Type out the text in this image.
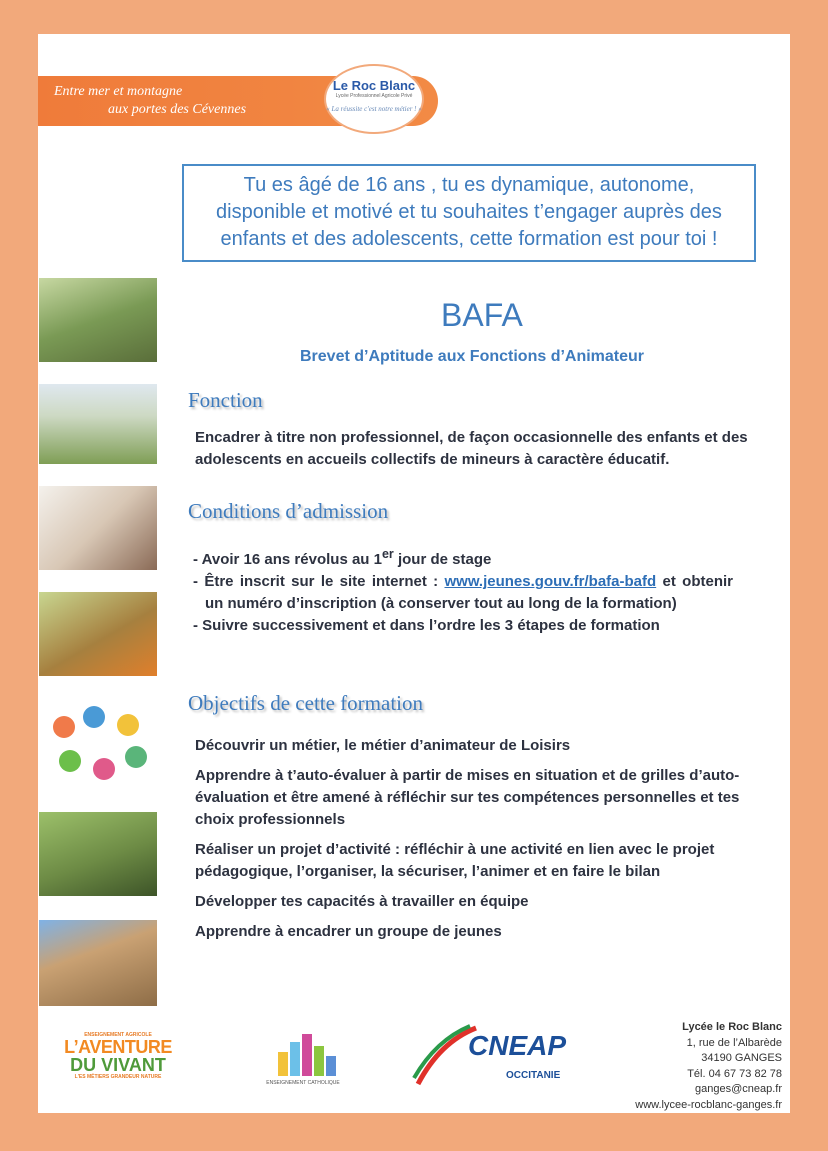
Entre mer et montagne
aux portes des Cévennes
Le Roc Blanc
Lycée Professionnel Agricole Privé
« La réussite c'est notre métier ! »
Tu es âgé de 16 ans , tu es dynamique, autonome,
disponible et motivé et tu souhaites t’engager auprès des
enfants et des adolescents, cette formation est pour toi !
BAFA
Brevet d’Aptitude aux Fonctions d’Animateur
Fonction
Encadrer à titre non professionnel, de façon occasionnelle des enfants et des adolescents en accueils collectifs de mineurs à caractère éducatif.
Conditions d’admission
- Avoir 16 ans révolus au 1er jour de stage
- Être inscrit sur le site internet : www.jeunes.gouv.fr/bafa-bafd et obtenir un numéro d’inscription (à conserver tout au long de la formation)
- Suivre successivement et dans l’ordre les 3 étapes de formation
Objectifs de cette formation

Découvrir un métier, le métier d’animateur de Loisirs

Apprendre à t’auto-évaluer à partir de mises en situation et de grilles d’auto-évaluation et être amené à réfléchir sur tes compétences personnelles et tes choix professionnels

Réaliser un projet d’activité : réfléchir à une activité en lien avec le projet pédagogique, l’organiser, la sécuriser, l’animer et en faire le bilan

Développer tes capacités à travailler en équipe

Apprendre à encadrer un groupe de jeunes

ENSEIGNEMENT AGRICOLE
L’AVENTURE
DU VIVANT
L'ES MÉTIERS GRANDEUR NATURE
ENSEIGNEMENT CATHOLIQUE
CNEAP
OCCITANIE
Lycée le Roc Blanc
1, rue de l’Albarède
34190 GANGES
Tél. 04 67 73 82 78
ganges@cneap.fr
www.lycee-rocblanc-ganges.fr
